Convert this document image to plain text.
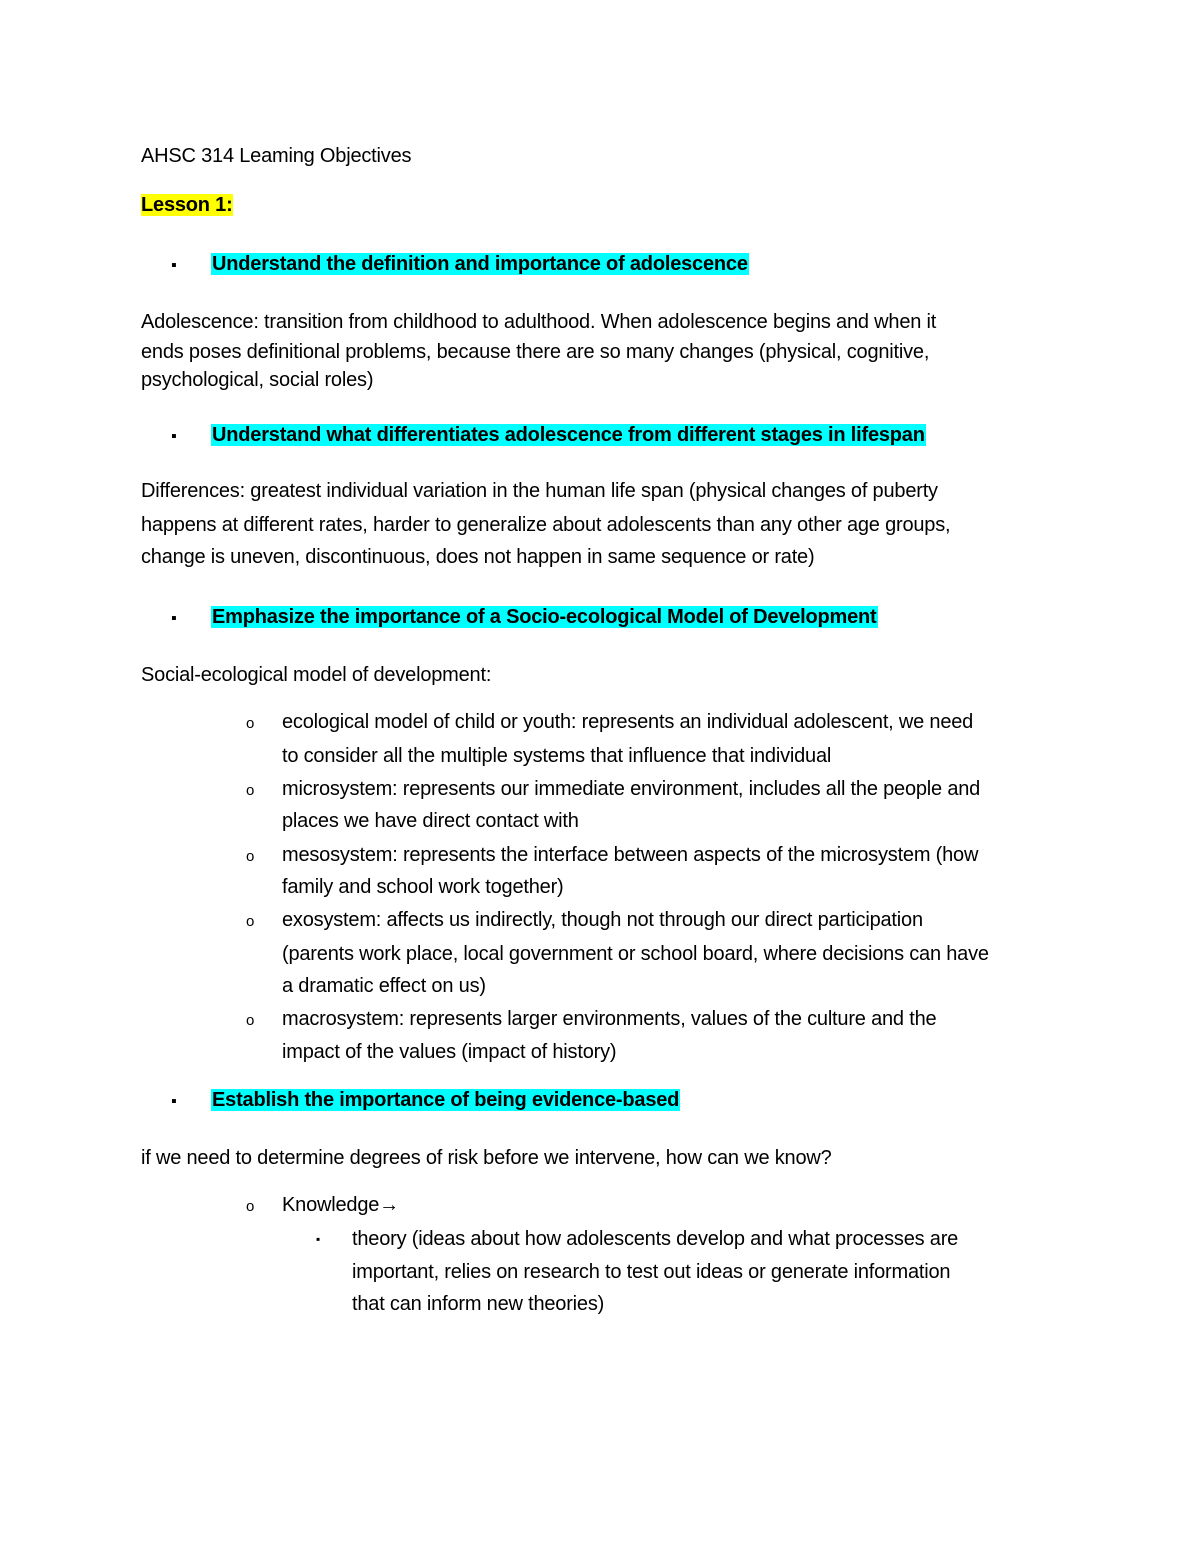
AHSC 314 Leaming Objectives
Lesson 1:
▪ Understand the definition and importance of adolescence
Adolescence: transition from childhood to adulthood. When adolescence begins and when it
ends poses definitional problems, because there are so many changes (physical, cognitive,
psychological, social roles)
▪ Understand what differentiates adolescence from different stages in lifespan
Differences: greatest individual variation in the human life span (physical changes of puberty
happens at different rates, harder to generalize about adolescents than any other age groups,
change is uneven, discontinuous, does not happen in same sequence or rate)
▪ Emphasize the importance of a Socio-ecological Model of Development
Social-ecological model of development:
o ecological model of child or youth: represents an individual adolescent, we need
to consider all the multiple systems that influence that individual
o microsystem: represents our immediate environment, includes all the people and
places we have direct contact with
o mesosystem: represents the interface between aspects of the microsystem (how
family and school work together)
o exosystem: affects us indirectly, though not through our direct participation
(parents work place, local government or school board, where decisions can have
a dramatic effect on us)
o macrosystem: represents larger environments, values of the culture and the
impact of the values (impact of history)
▪ Establish the importance of being evidence-based
if we need to determine degrees of risk before we intervene, how can we know?
o Knowledge→
▪ theory (ideas about how adolescents develop and what processes are
important, relies on research to test out ideas or generate information
that can inform new theories)
